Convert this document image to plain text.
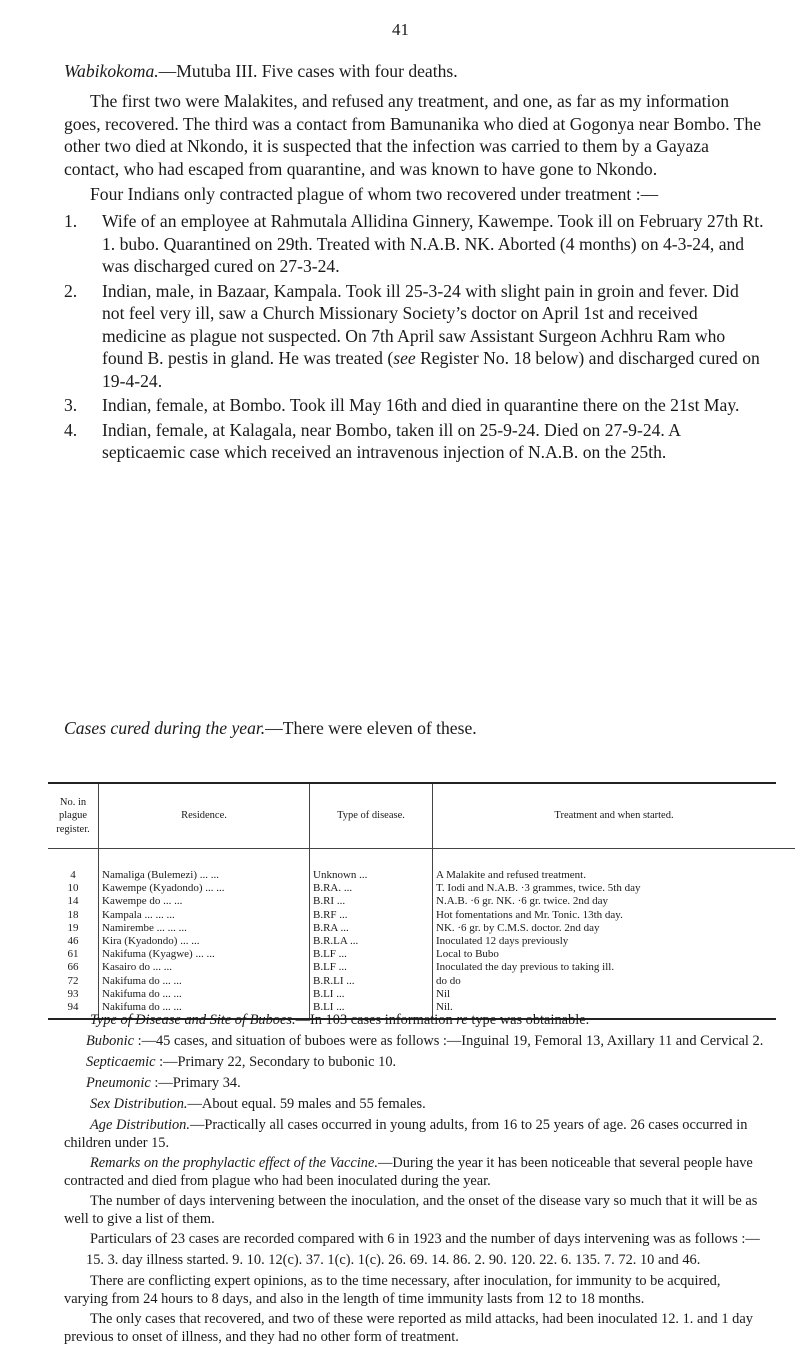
41

Wabikokoma.—Mutuba III. Five cases with four deaths.

The first two were Malakites, and refused any treatment, and one, as far as my information goes, recovered. The third was a contact from Bamunanika who died at Gogonya near Bombo. The other two died at Nkondo, it is suspected that the infection was carried to them by a Gayaza contact, who had escaped from quarantine, and was known to have gone to Nkondo.

Four Indians only contracted plague of whom two recovered under treatment :—

1. Wife of an employee at Rahmutala Allidina Ginnery, Kawempe. Took ill on February 27th Rt. 1. bubo. Quarantined on 29th. Treated with N.A.B. NK. Aborted (4 months) on 4-3-24, and was discharged cured on 27-3-24.
2. Indian, male, in Bazaar, Kampala. Took ill 25-3-24 with slight pain in groin and fever. Did not feel very ill, saw a Church Missionary Society’s doctor on April 1st and received medicine as plague not suspected. On 7th April saw Assistant Surgeon Achhru Ram who found B. pestis in gland. He was treated (see Register No. 18 below) and discharged cured on 19-4-24.
3. Indian, female, at Bombo. Took ill May 16th and died in quarantine there on the 21st May.
4. Indian, female, at Kalagala, near Bombo, taken ill on 25-9-24. Died on 27-9-24. A septicaemic case which received an intravenous injection of N.A.B. on the 25th.

Cases cured during the year.—There were eleven of these.

No. in plague register.	Residence.	Type of disease.	Treatment and when started.
4	Namaliga (Bulemezi) ... ...	Unknown ...	A Malakite and refused treatment.
10	Kawempe (Kyadondo) ... ...	B.RA. ...	T. Iodi and N.A.B. ·3 grammes, twice. 5th day
14	Kawempe do ... ...	B.RI ...	N.A.B. ·6 gr. NK. ·6 gr. twice. 2nd day
18	Kampala ... ... ...	B.RF ...	Hot fomentations and Mr. Tonic. 13th day.
19	Namirembe ... ... ...	B.RA ...	NK. ·6 gr. by C.M.S. doctor. 2nd day
46	Kira (Kyadondo) ... ...	B.R.LA ...	Inoculated 12 days previously
61	Nakifuma (Kyagwe) ... ...	B.LF ...	Local to Bubo
66	Kasairo do ... ...	B.LF ...	Inoculated the day previous to taking ill.
72	Nakifuma do ... ...	B.R.LI ...	do do
93	Nakifuma do ... ...	B.LI ...	Nil
94	Nakifuma do ... ...	B.LI ...	Nil.

Type of Disease and Site of Buboes.—In 103 cases information re type was obtainable.

Bubonic :—45 cases, and situation of buboes were as follows :—Inguinal 19, Femoral 13, Axillary 11 and Cervical 2.

Septicaemic :—Primary 22, Secondary to bubonic 10.

Pneumonic :—Primary 34.

Sex Distribution.—About equal. 59 males and 55 females.

Age Distribution.—Practically all cases occurred in young adults, from 16 to 25 years of age. 26 cases occurred in children under 15.

Remarks on the prophylactic effect of the Vaccine.—During the year it has been noticeable that several people have contracted and died from plague who had been inoculated during the year.

The number of days intervening between the inoculation, and the onset of the disease vary so much that it will be as well to give a list of them.

Particulars of 23 cases are recorded compared with 6 in 1923 and the number of days intervening was as follows :—

15. 3. day illness started. 9. 10. 12(c). 37. 1(c). 1(c). 26. 69. 14. 86. 2. 90. 120. 22. 6. 135. 7. 72. 10 and 46.

There are conflicting expert opinions, as to the time necessary, after inoculation, for immunity to be acquired, varying from 24 hours to 8 days, and also in the length of time immunity lasts from 12 to 18 months.

The only cases that recovered, and two of these were reported as mild attacks, had been inoculated 12. 1. and 1 day previous to onset of illness, and they had no other form of treatment.
